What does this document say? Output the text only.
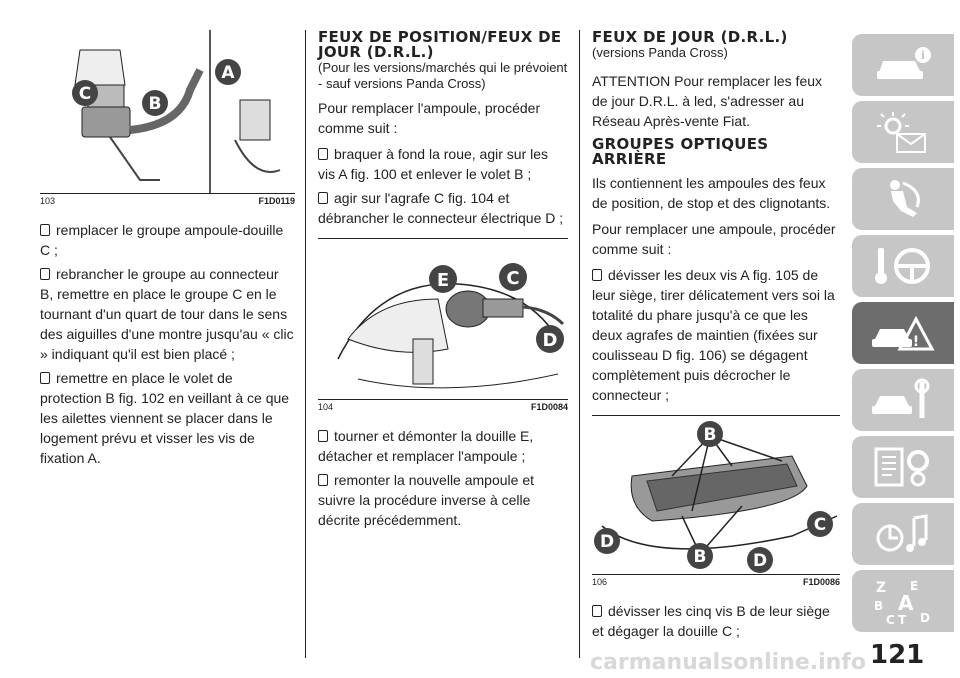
C	B
A
103	F1D0119
remplacer le groupe ampoule-douille C ;
rebrancher le groupe au connecteur B, remettre en place le groupe C en le tournant d'un quart de tour dans le sens des aiguilles d'une montre jusqu'au « clic » indiquant qu'il est bien placé ;
remettre en place le volet de protection B fig. 102 en veillant à ce que les ailettes viennent se placer dans le logement prévu et visser les vis de fixation A.
FEUX DE POSITION/FEUX DE JOUR (D.R.L.)

(Pour les versions/marchés qui le prévoient - sauf versions Panda Cross)

Pour remplacer l'ampoule, procéder comme suit :

braquer à fond la roue, agir sur les vis A fig. 100 et enlever le volet B ;
agir sur l'agrafe C fig. 104 et débrancher le connecteur électrique D ;
E	C
D
104	F1D0084
tourner et démonter la douille E, détacher et remplacer l'ampoule ;
remonter la nouvelle ampoule et suivre la procédure inverse à celle décrite précédemment.
FEUX DE JOUR (D.R.L.)

(versions Panda Cross)

ATTENTION Pour remplacer les feux de jour D.R.L. à led, s'adresser au Réseau Après-vente Fiat.

GROUPES OPTIQUES ARRIÈRE

Ils contiennent les ampoules des feux de position, de stop et des clignotants.

Pour remplacer une ampoule, procéder comme suit :

dévisser les deux vis A fig. 105 de leur siège, tirer délicatement vers soi la totalité du phare jusqu'à ce que les deux agrafes de maintien (fixées sur coulisseau D fig. 106) se dégagent complètement puis décrocher le connecteur ;
B
D
B
C
D
106	F1D0086
dévisser les cinq vis B de leur siège et dégager la douille C ;
i
!
Z E
B A
C T D
121
carmanualsonline.info
